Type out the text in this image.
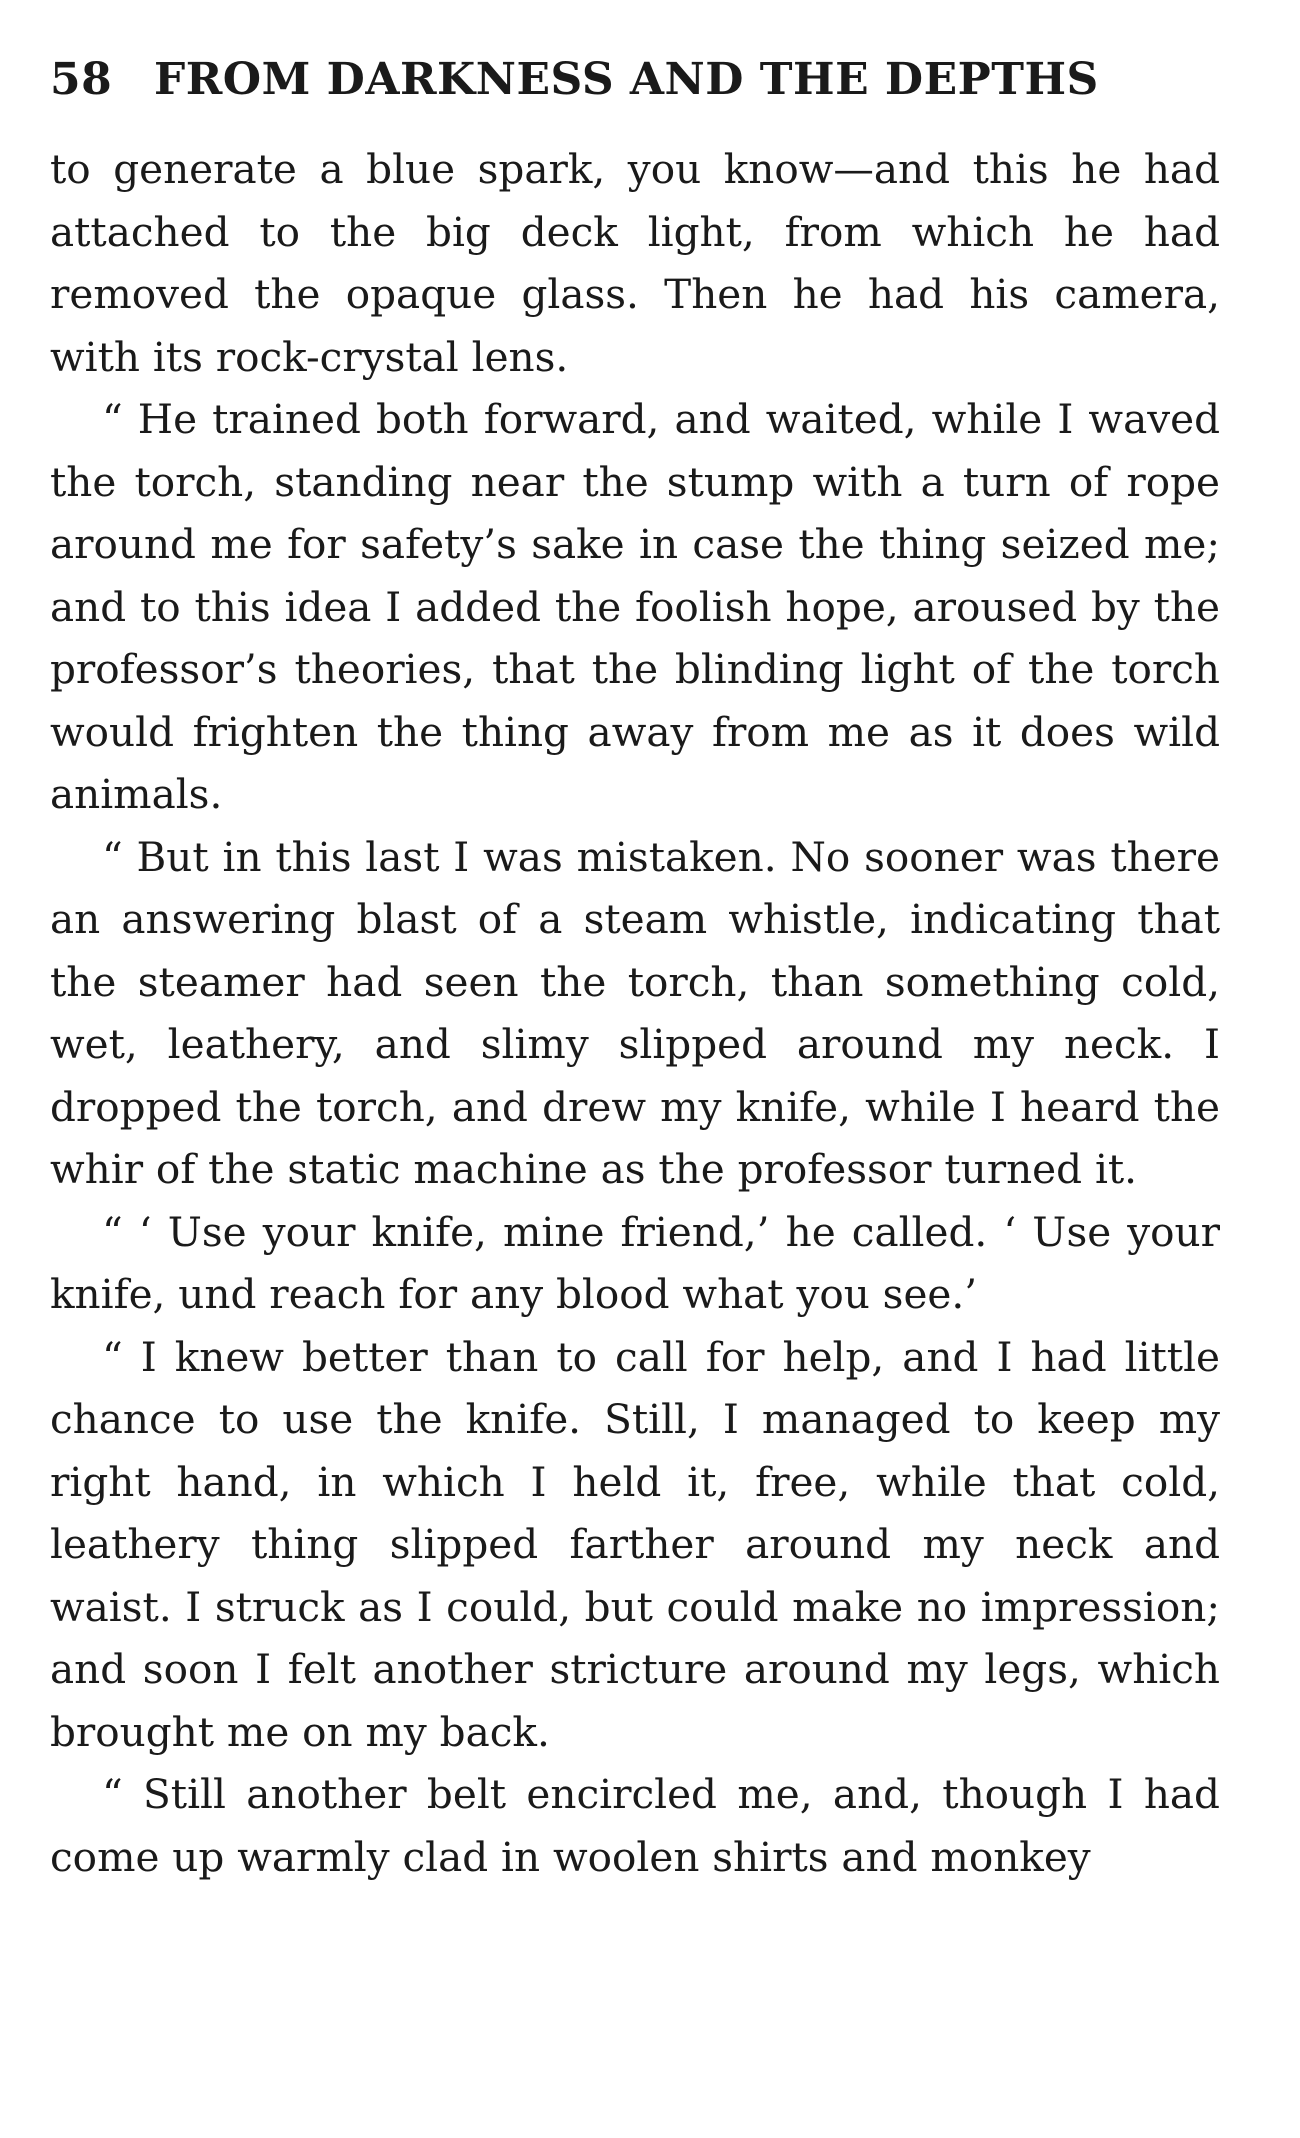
58 FROM DARKNESS AND THE DEPTHS

to generate a blue spark, you know—and this he had attached to the big deck light, from which he had removed the opaque glass. Then he had his camera, with its rock-crystal lens.

“ He trained both forward, and waited, while I waved the torch, standing near the stump with a turn of rope around me for safety’s sake in case the thing seized me; and to this idea I added the foolish hope, aroused by the professor’s theories, that the blinding light of the torch would frighten the thing away from me as it does wild animals.

“ But in this last I was mistaken. No sooner was there an answering blast of a steam whistle, indicating that the steamer had seen the torch, than something cold, wet, leathery, and slimy slipped around my neck. I dropped the torch, and drew my knife, while I heard the whir of the static machine as the professor turned it.

“ ‘ Use your knife, mine friend,’ he called. ‘ Use your knife, und reach for any blood what you see.’

“ I knew better than to call for help, and I had little chance to use the knife. Still, I managed to keep my right hand, in which I held it, free, while that cold, leathery thing slipped farther around my neck and waist. I struck as I could, but could make no impression; and soon I felt another stricture around my legs, which brought me on my back.

“ Still another belt encircled me, and, though I had come up warmly clad in woolen shirts and monkey
